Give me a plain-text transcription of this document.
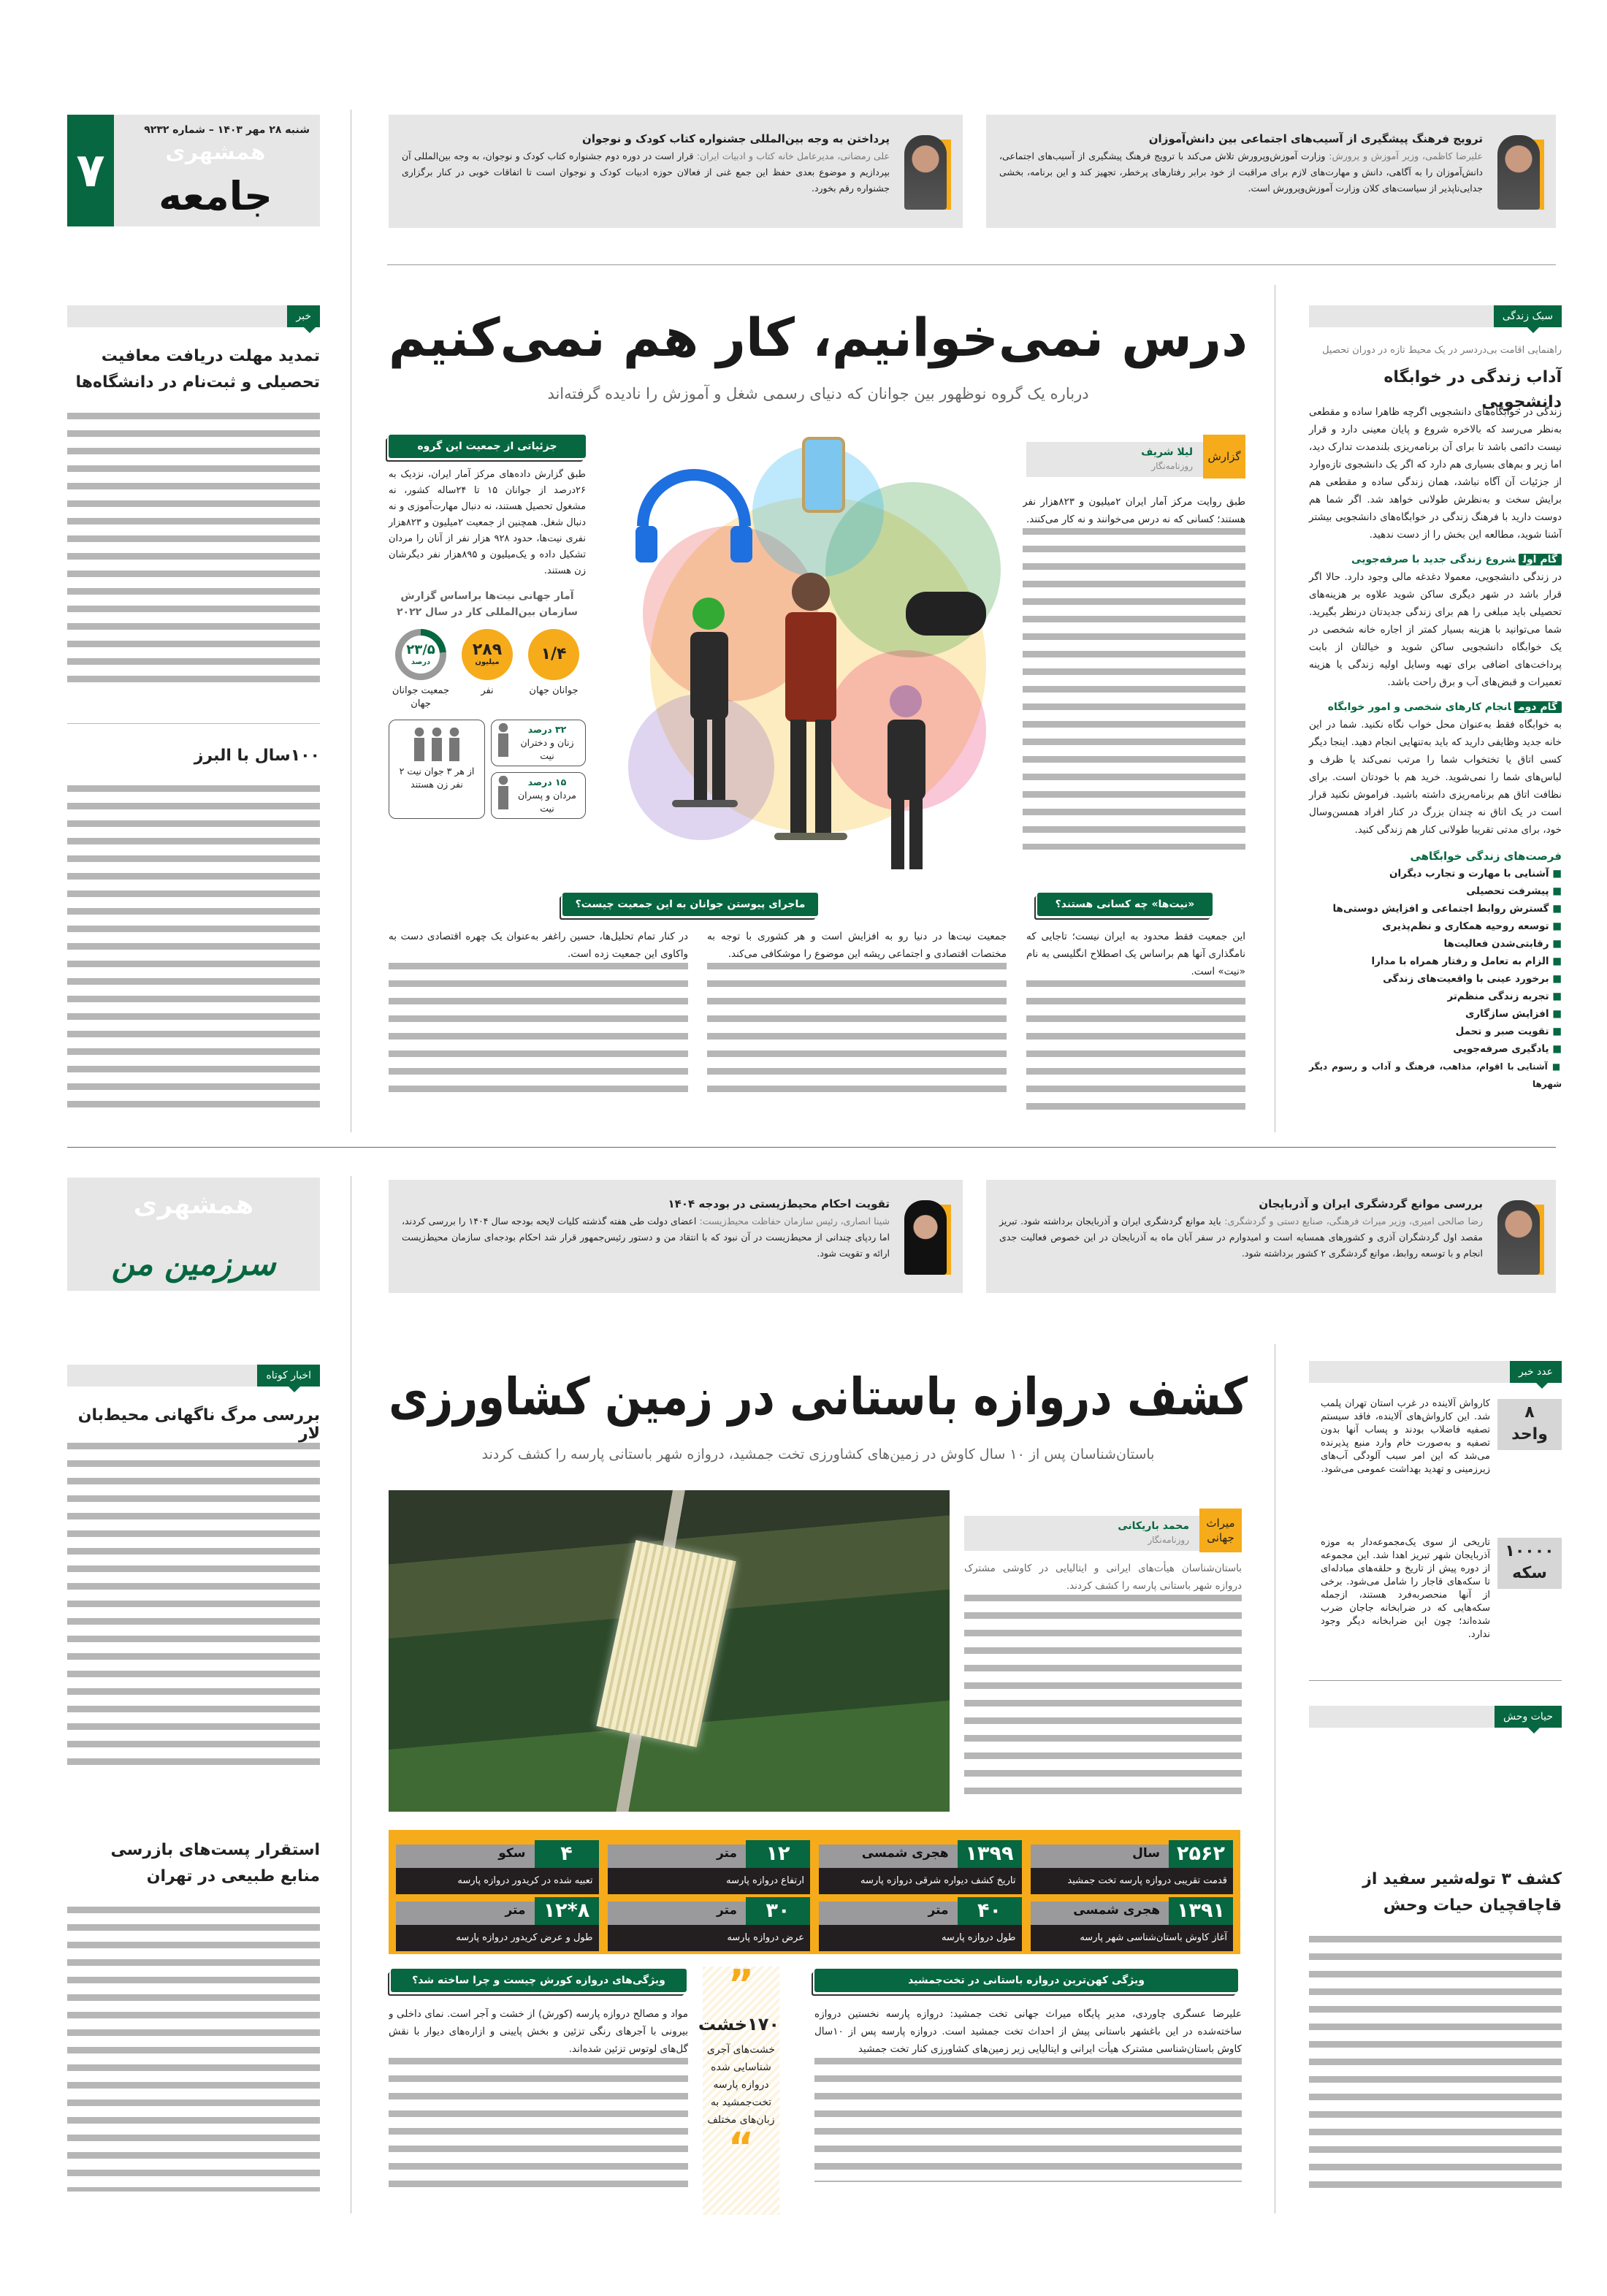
۷
شنبه ۲۸ مهر ۱۴۰۳ – شماره ۹۲۳۲
همشهری
جامعه
ترویج فرهنگ پیشگیری از آسیب‌های اجتماعی بین دانش‌آموزان

علیرضا کاظمی، وزیر آموزش و پرورش: وزارت آموزش‌وپرورش تلاش می‌کند با ترویج فرهنگ پیشگیری از آسیب‌های اجتماعی، دانش‌آموزان را به آگاهی، دانش و مهارت‌های لازم برای مراقبت از خود برابر رفتارهای پرخطر، تجهیز کند و این برنامه، بخشی جدایی‌ناپذیر از سیاست‌های کلان وزارت آموزش‌وپرورش است.

پرداختن به وجه بین‌المللی جشنواره کتاب کودک و نوجوان

علی رمضانی، مدیرعامل خانه کتاب و ادبیات ایران: قرار است در دوره دوم جشنواره کتاب کودک و نوجوان، به وجه بین‌المللی آن بپردازیم و موضوع بعدی حفظ این جمع غنی از فعالان حوزه ادبیات کودک و نوجوان است تا اتفاقات خوبی در کنار برگزاری جشنواره رقم بخورد.

سبک زندگی
راهنمایی اقامت بی‌دردسر در یک محیط تازه در دوران تحصیل
آداب زندگی در خوابگاه دانشجویی

زندگی در خوابگاه‌های دانشجویی اگرچه ظاهرا ساده و مقطعی به‌نظر می‌رسد که بالاخره شروع و پایان معینی دارد و قرار نیست دائمی باشد تا برای آن برنامه‌ریزی بلندمدت تدارک دید، اما زیر و بم‌های بسیاری هم دارد که اگر یک دانشجوی تازه‌وارد از جزئیات آن آگاه نباشد، همان زندگی ساده و مقطعی هم برایش سخت و به‌نظرش طولانی خواهد شد. اگر شما هم دوست دارید با فرهنگ زندگی در خوابگاه‌های دانشجویی بیشتر آشنا شوید، مطالعه این بخش را از دست ندهید.

گام اولشروع زندگی جدید با صرفه‌جویی

در زندگی دانشجویی، معمولا دغدغه مالی وجود دارد. حالا اگر قرار باشد در شهر دیگری ساکن شوید علاوه بر هزینه‌های تحصیلی باید مبلغی را هم برای زندگی جدیدتان درنظر بگیرید. شما می‌توانید با هزینه بسیار کمتر از اجاره خانه شخصی در یک خوابگاه دانشجویی ساکن شوید و خیالتان از بابت پرداخت‌های اضافی برای تهیه وسایل اولیه زندگی یا هزینه تعمیرات و قبض‌های آب و برق راحت باشد.

گام دومانجام کارهای شخصی و امور خوابگاه

به خوابگاه فقط به‌عنوان محل خواب نگاه نکنید. شما در این خانه جدید وظایفی دارید که باید به‌تنهایی انجام دهید. اینجا دیگر کسی اتاق یا تختخواب شما را مرتب نمی‌کند یا ظرف و لباس‌های شما را نمی‌شوید. خرید هم با خودتان است. برای نظافت اتاق هم برنامه‌ریزی داشته باشید. فراموش نکنید قرار است در یک اتاق نه چندان بزرگ در کنار افراد همسن‌وسال خود، برای مدتی تقریبا طولانی کنار هم زندگی کنید.

فرصت‌های زندگی خوابگاهی
■ آشنایی با مهارت و تجارب دیگران
■ پیشرفت تحصیلی
■ گسترش روابط اجتماعی و افزایش دوستی‌ها
■ توسعه روحیه همکاری و نظم‌پذیری
■ رقابتی‌شدن فعالیت‌ها
■ الزام به تعامل و رفتار همراه با مدارا
■ برخورد عینی با واقعیت‌های زندگی
■ تجربه زندگی منظم‌تر
■ افزایش سازگاری
■ تقویت صبر و تحمل
■ یادگیری صرفه‌جویی
■ آشنایی با اقوام، مذاهب، فرهنگ و آداب و رسوم دیگر شهرها
خبر
تمدید مهلت دریافت معافیت تحصیلی و ثبت‌نام در دانشگاه‌ها
۱۰۰سال با البرز
درس نمی‌خوانیم، کار هم نمی‌کنیم
درباره یک گروه نوظهور بین جوانان که دنیای رسمی شغل و آموزش را نادیده گرفته‌اند
جزئیاتی از جمعیت این گروه
طبق گزارش داده‌های مرکز آمار ایران، نزدیک به ۲۶درصد از جوانان ۱۵ تا ۲۴ساله کشور، نه مشغول تحصیل هستند، نه دنبال مهارت‌آموزی و نه دنبال شغل. همچنین از جمعیت ۲میلیون و ۸۲۳هزار نفری نیت‌ها، حدود ۹۲۸ هزار نفر از آنان را مردان تشکیل داده و یک‌میلیون و ۸۹۵هزار نفر دیگرشان زن هستند.
آمار جهانی نیت‌ها براساس گزارش سازمان بین‌المللی کار در سال ۲۰۲۲
۱/۴
جوانان جهان
۲۸۹
میلیون
نفر
۲۳/۵
درصد
جمعیت جوانان جهان
۳۲ درصد
زنان و دختران نیت
۱۵ درصد
مردان و پسران نیت
از هر ۳ جوان نیت ۲ نفر زن هستند
گزارش
لیلا شریف
روزنامه‌نگار

طبق روایت مرکز آمار ایران ۲میلیون و ۸۲۳هزار نفر هستند؛ کسانی که نه درس می‌خوانند و نه کار می‌کنند.

«نیت‌ها» چه کسانی هستند؟
ماجرای پیوستن جوانان به این جمعیت چیست؟

این جمعیت فقط محدود به ایران نیست؛ تاجایی که نامگذاری آنها هم براساس یک اصطلاح انگلیسی به نام «نیت» است.

جمعیت نیت‌ها در دنیا رو به افزایش است و هر کشوری با توجه به مختصات اقتصادی و اجتماعی ریشه این موضوع را موشکافی می‌کند.

در کنار تمام تحلیل‌ها، حسین راغفر به‌عنوان یک چهره اقتصادی دست به واکاوی این جمعیت زده است.

همشهری
سرزمین من
بررسی موانع گردشگری ایران و آذربایجان

رضا صالحی امیری، وزیر میراث فرهنگی، صنایع دستی و گردشگری: باید موانع گردشگری ایران و آذربایجان برداشته شود. تبریز مقصد اول گردشگران آذری و کشورهای همسایه است و امیدوارم در سفر آبان ماه به آذربایجان در این خصوص فعالیت جدی انجام و با توسعه روابط، موانع گردشگری ۲ کشور برداشته شود.

تقویت احکام محیط‌زیستی در بودجه ۱۴۰۴

شینا انصاری، رئیس سازمان حفاظت محیط‌زیست: اعضای دولت طی هفته گذشته کلیات لایحه بودجه سال ۱۴۰۴ را بررسی کردند، اما ردپای چندانی از محیط‌زیست در آن نبود که با انتقاد من و دستور رئیس‌جمهور قرار شد احکام بودجه‌ای سازمان محیط‌زیست ارائه و تقویت شود.

عدد خبر
۸
واحد
کارواش آلاینده در غرب استان تهران پلمب شد. این کارواش‌های آلاینده، فاقد سیستم تصفیه فاضلاب بودند و پساب آنها بدون تصفیه و به‌صورت خام وارد منبع پذیرنده می‌شد که این امر سبب آلودگی آب‌های زیرزمینی و تهدید بهداشت عمومی می‌شود.
۱۰۰۰۰
سکه
تاریخی از سوی یک‌مجموعه‌دار به موزه آذربایجان شهر تبریز اهدا شد. این مجموعه از دوره پیش از تاریخ و حلقه‌های مبادله‌ای تا سکه‌های قاجار را شامل می‌شود. برخی از آنها منحصربه‌فرد هستند، ازجمله سکه‌هایی که در ضرابخانه جاجان ضرب شده‌اند؛ چون این ضرابخانه دیگر وجود ندارد.
حیات وحش
کشف ۳ توله‌شیر سفید از قاچاقچیان حیات وحش
اخبار کوتاه
بررسی مرگ ناگهانی محیط‌بان لار
استقرار پست‌های بازرسی منابع طبیعی در تهران
کشف دروازه باستانی در زمین کشاورزی
باستان‌شناسان پس از ۱۰ سال کاوش در زمین‌های کشاورزی تخت جمشید، دروازه شهر باستانی پارسه را کشف کردند
میراث جهانی
محمد باریکانی
روزنامه‌نگار

باستان‌شناسان هیأت‌های ایرانی و ایتالیایی در کاوشی مشترک دروازه شهر باستانی پارسه را کشف کردند.

۲۵۶۲
سال
قدمت تقریبی دروازه پارسه تخت جمشید
۱۳۹۹
هجری شمسی
تاریخ کشف دیواره شرقی دروازه پارسه
۱۲
متر
ارتفاع دروازه پارسه
۴
سکو
تعبیه شده در کریدور دروازه پارسه
۱۳۹۱
هجری شمسی
آغاز کاوش باستان‌شناسی شهر پارسه
۴۰
متر
طول دروازه پارسه
۳۰
متر
عرض دروازه پارسه
۸*۱۲
متر
طول و عرض کریدور دروازه پارسه
ویژگی کهن‌ترین دروازه باستانی در تخت‌جمشید
ویژگی‌های دروازه کورش چیست و چرا ساخته شد؟

علیرضا عسگری چاوردی، مدیر پایگاه میراث جهانی تخت جمشید: دروازه پارسه نخستین دروازه ساخته‌شده در این باغشهر باستانی پیش از احداث تخت جمشید است. دروازه پارسه پس از ۱۰سال کاوش باستان‌شناسی مشترک هیأت ایرانی و ایتالیایی زیر زمین‌های کشاورزی کنار تخت جمشید

”
۱۷۰خشت
خشت‌های آجری شناسایی شده دروازه پارسه تخت‌جمشید به زبان‌های مختلف
“

مواد و مصالح دروازه پارسه (کورش) از خشت و آجر است. نمای داخلی و بیرونی با آجرهای رنگی تزئین و بخش پایینی و ازاره‌های دیوار با نقش گل‌های لوتوس تزئین شده‌اند.
